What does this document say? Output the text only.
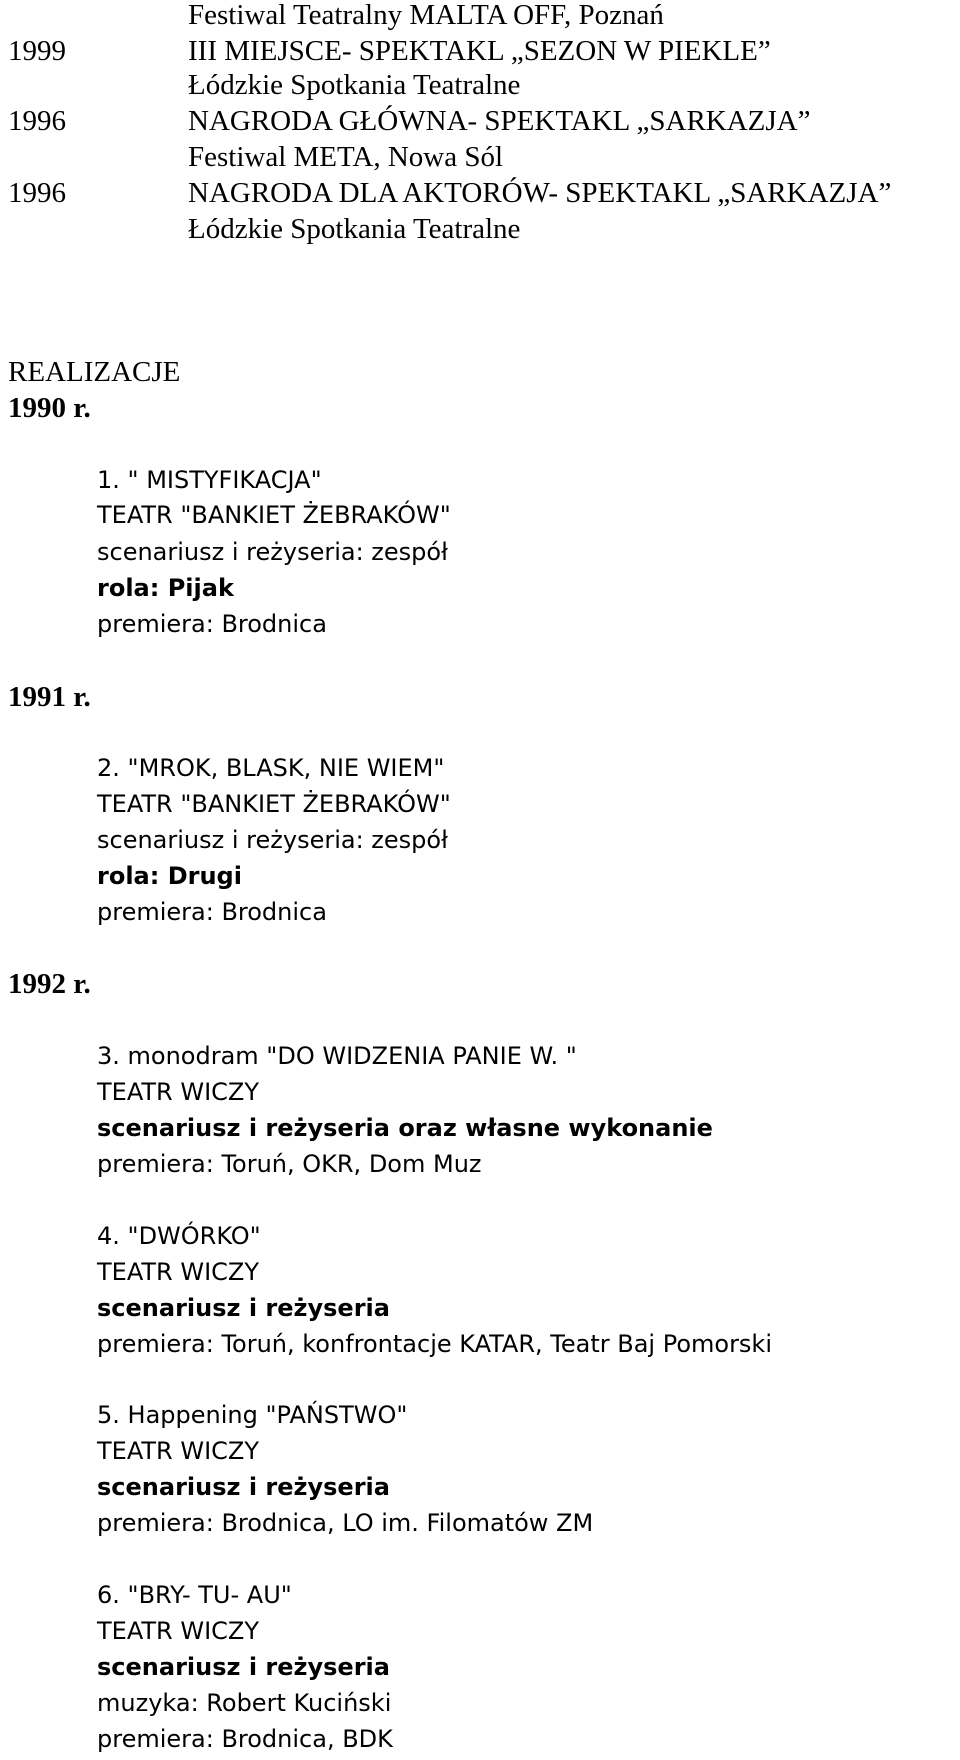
Festiwal Teatralny MALTA OFF, Poznań
1999	III MIEJSCE- SPEKTAKL „SEZON W PIEKLE”
Łódzkie Spotkania Teatralne
1996	NAGRODA GŁÓWNA- SPEKTAKL „SARKAZJA”
Festiwal META, Nowa Sól
1996	NAGRODA DLA AKTORÓW- SPEKTAKL „SARKAZJA”
Łódzkie Spotkania Teatralne
REALIZACJE
1990 r.
1991 r.
1992 r.
1. " MISTYFIKACJA"
TEATR "BANKIET ŻEBRAKÓW"
scenariusz i reżyseria: zespół
rola: Pijak
premiera: Brodnica
2. "MROK, BLASK, NIE WIEM"
TEATR "BANKIET ŻEBRAKÓW"
scenariusz i reżyseria: zespół
rola: Drugi
premiera: Brodnica
3. monodram "DO WIDZENIA PANIE W. "
TEATR WICZY
scenariusz i reżyseria oraz własne wykonanie
premiera: Toruń, OKR, Dom Muz
4. "DWÓRKO"
TEATR WICZY
scenariusz i reżyseria
premiera: Toruń, konfrontacje KATAR, Teatr Baj Pomorski
5. Happening "PAŃSTWO"
TEATR WICZY
scenariusz i reżyseria
premiera: Brodnica, LO im. Filomatów ZM
6. "BRY- TU- AU"
TEATR WICZY
scenariusz i reżyseria
muzyka: Robert Kuciński
premiera: Brodnica, BDK
